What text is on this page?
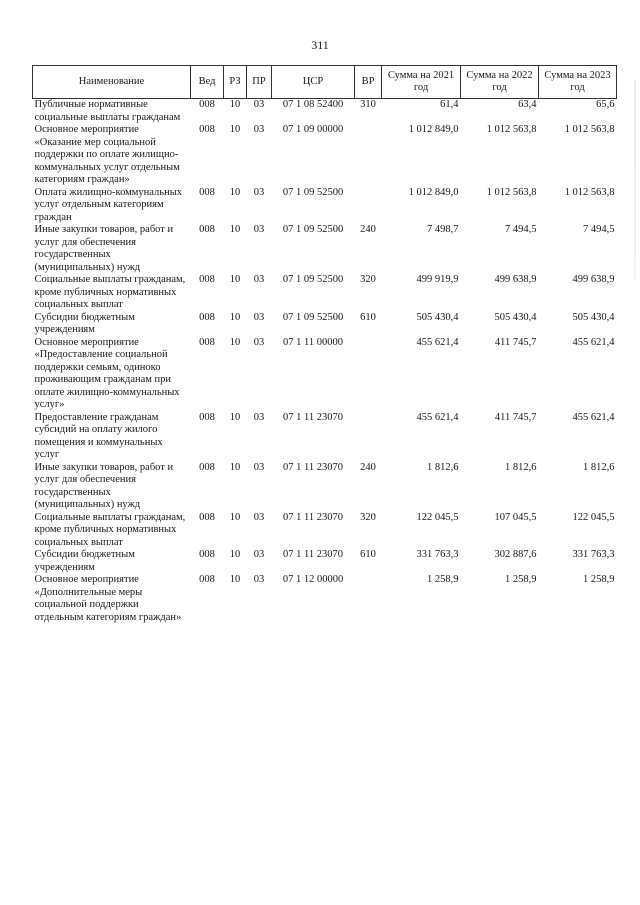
311
Наименование	Вед	РЗ	ПР	ЦСР	ВР	Сумма на 2021 год	Сумма на 2022 год	Сумма на 2023 год
Публичные нормативные социальные выплаты гражданам	008	10	03	07 1 08 52400	310	61,4	63,4	65,6
Основное мероприятие «Оказание мер социальной поддержки по оплате жилищно-коммунальных услуг отдельным категориям граждан»	008	10	03	07 1 09 00000		1 012 849,0	1 012 563,8	1 012 563,8
Оплата жилищно-коммунальных услуг отдельным категориям граждан	008	10	03	07 1 09 52500		1 012 849,0	1 012 563,8	1 012 563,8
Иные закупки товаров, работ и услуг для обеспечения государственных (муниципальных) нужд	008	10	03	07 1 09 52500	240	7 498,7	7 494,5	7 494,5
Социальные выплаты гражданам, кроме публичных нормативных социальных выплат	008	10	03	07 1 09 52500	320	499 919,9	499 638,9	499 638,9
Субсидии бюджетным учреждениям	008	10	03	07 1 09 52500	610	505 430,4	505 430,4	505 430,4
Основное мероприятие «Предоставление социальной поддержки семьям, одиноко проживающим гражданам при оплате жилищно-коммунальных услуг»	008	10	03	07 1 11 00000		455 621,4	411 745,7	455 621,4
Предоставление гражданам субсидий на оплату жилого помещения и коммунальных услуг	008	10	03	07 1 11 23070		455 621,4	411 745,7	455 621,4
Иные закупки товаров, работ и услуг для обеспечения государственных (муниципальных) нужд	008	10	03	07 1 11 23070	240	1 812,6	1 812,6	1 812,6
Социальные выплаты гражданам, кроме публичных нормативных социальных выплат	008	10	03	07 1 11 23070	320	122 045,5	107 045,5	122 045,5
Субсидии бюджетным учреждениям	008	10	03	07 1 11 23070	610	331 763,3	302 887,6	331 763,3
Основное мероприятие «Дополнительные меры социальной поддержки отдельным категориям граждан»	008	10	03	07 1 12 00000		1 258,9	1 258,9	1 258,9
